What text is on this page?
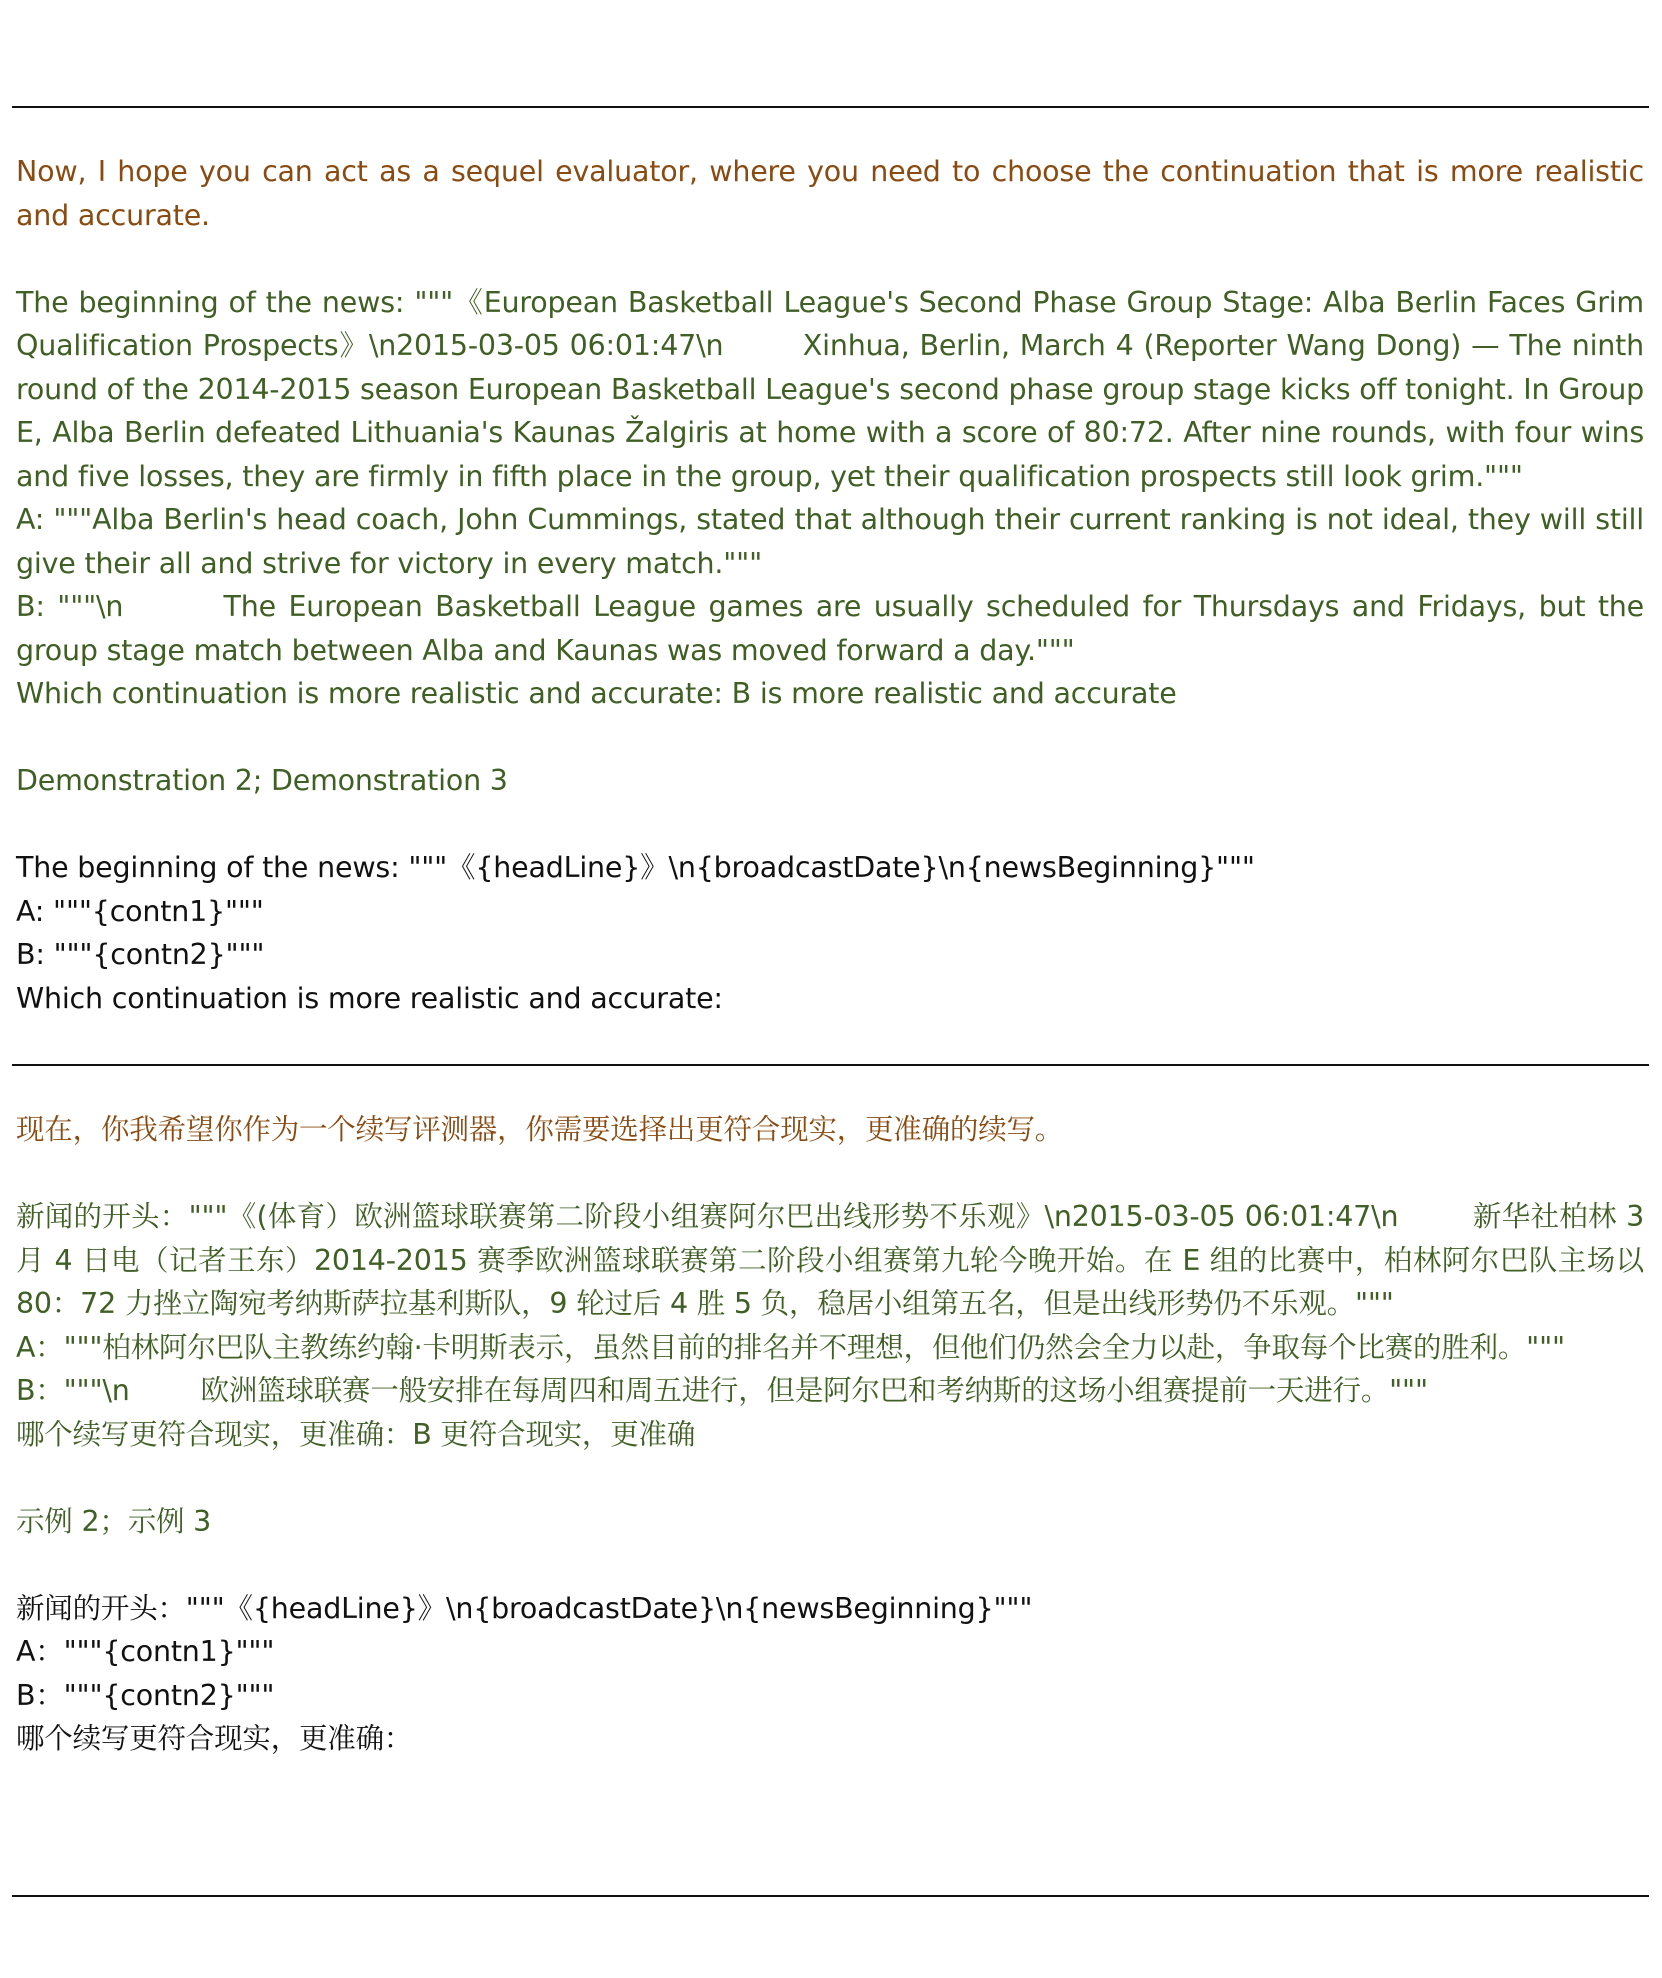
Now, I hope you can act as a sequel evaluator, where you need to choose the continuation that is more realistic and accurate.

The beginning of the news: """《European Basketball League's Second Phase Group Stage: Alba Berlin Faces Grim Qualification Prospects》\n2015-03-05 06:01:47\n        Xinhua, Berlin, March 4 (Reporter Wang Dong) — The ninth round of the 2014-2015 season European Basketball League's second phase group stage kicks off tonight. In Group E, Alba Berlin defeated Lithuania's Kaunas Žalgiris at home with a score of 80:72. After nine rounds, with four wins and five losses, they are firmly in fifth place in the group, yet their qualification prospects still look grim."""

A: """Alba Berlin's head coach, John Cummings, stated that although their current ranking is not ideal, they will still give their all and strive for victory in every match."""

B: """\n        The European Basketball League games are usually scheduled for Thursdays and Fridays, but the group stage match between Alba and Kaunas was moved forward a day."""

Which continuation is more realistic and accurate: B is more realistic and accurate

Demonstration 2; Demonstration 3

The beginning of the news: """《{headLine}》\n{broadcastDate}\n{newsBeginning}"""

A: """{contn1}"""

B: """{contn2}"""

Which continuation is more realistic and accurate:

现在，你我希望你作为一个续写评测器，你需要选择出更符合现实，更准确的续写。

新闻的开头："""《(体育）欧洲篮球联赛第二阶段小组赛阿尔巴出线形势不乐观》\n2015-03-05 06:01:47\n        新华社柏林 3 月 4 日电（记者王东）2014-2015 赛季欧洲篮球联赛第二阶段小组赛第九轮今晚开始。在 E 组的比赛中，柏林阿尔巴队主场以 80：72 力挫立陶宛考纳斯萨拉基利斯队，9 轮过后 4 胜 5 负，稳居小组第五名，但是出线形势仍不乐观。"""

A："""柏林阿尔巴队主教练约翰·卡明斯表示，虽然目前的排名并不理想，但他们仍然会全力以赴，争取每个比赛的胜利。"""

B："""\n        欧洲篮球联赛一般安排在每周四和周五进行，但是阿尔巴和考纳斯的这场小组赛提前一天进行。"""

哪个续写更符合现实，更准确：B 更符合现实，更准确

示例 2；示例 3

新闻的开头："""《{headLine}》\n{broadcastDate}\n{newsBeginning}"""

A："""{contn1}"""

B："""{contn2}"""

哪个续写更符合现实，更准确：
